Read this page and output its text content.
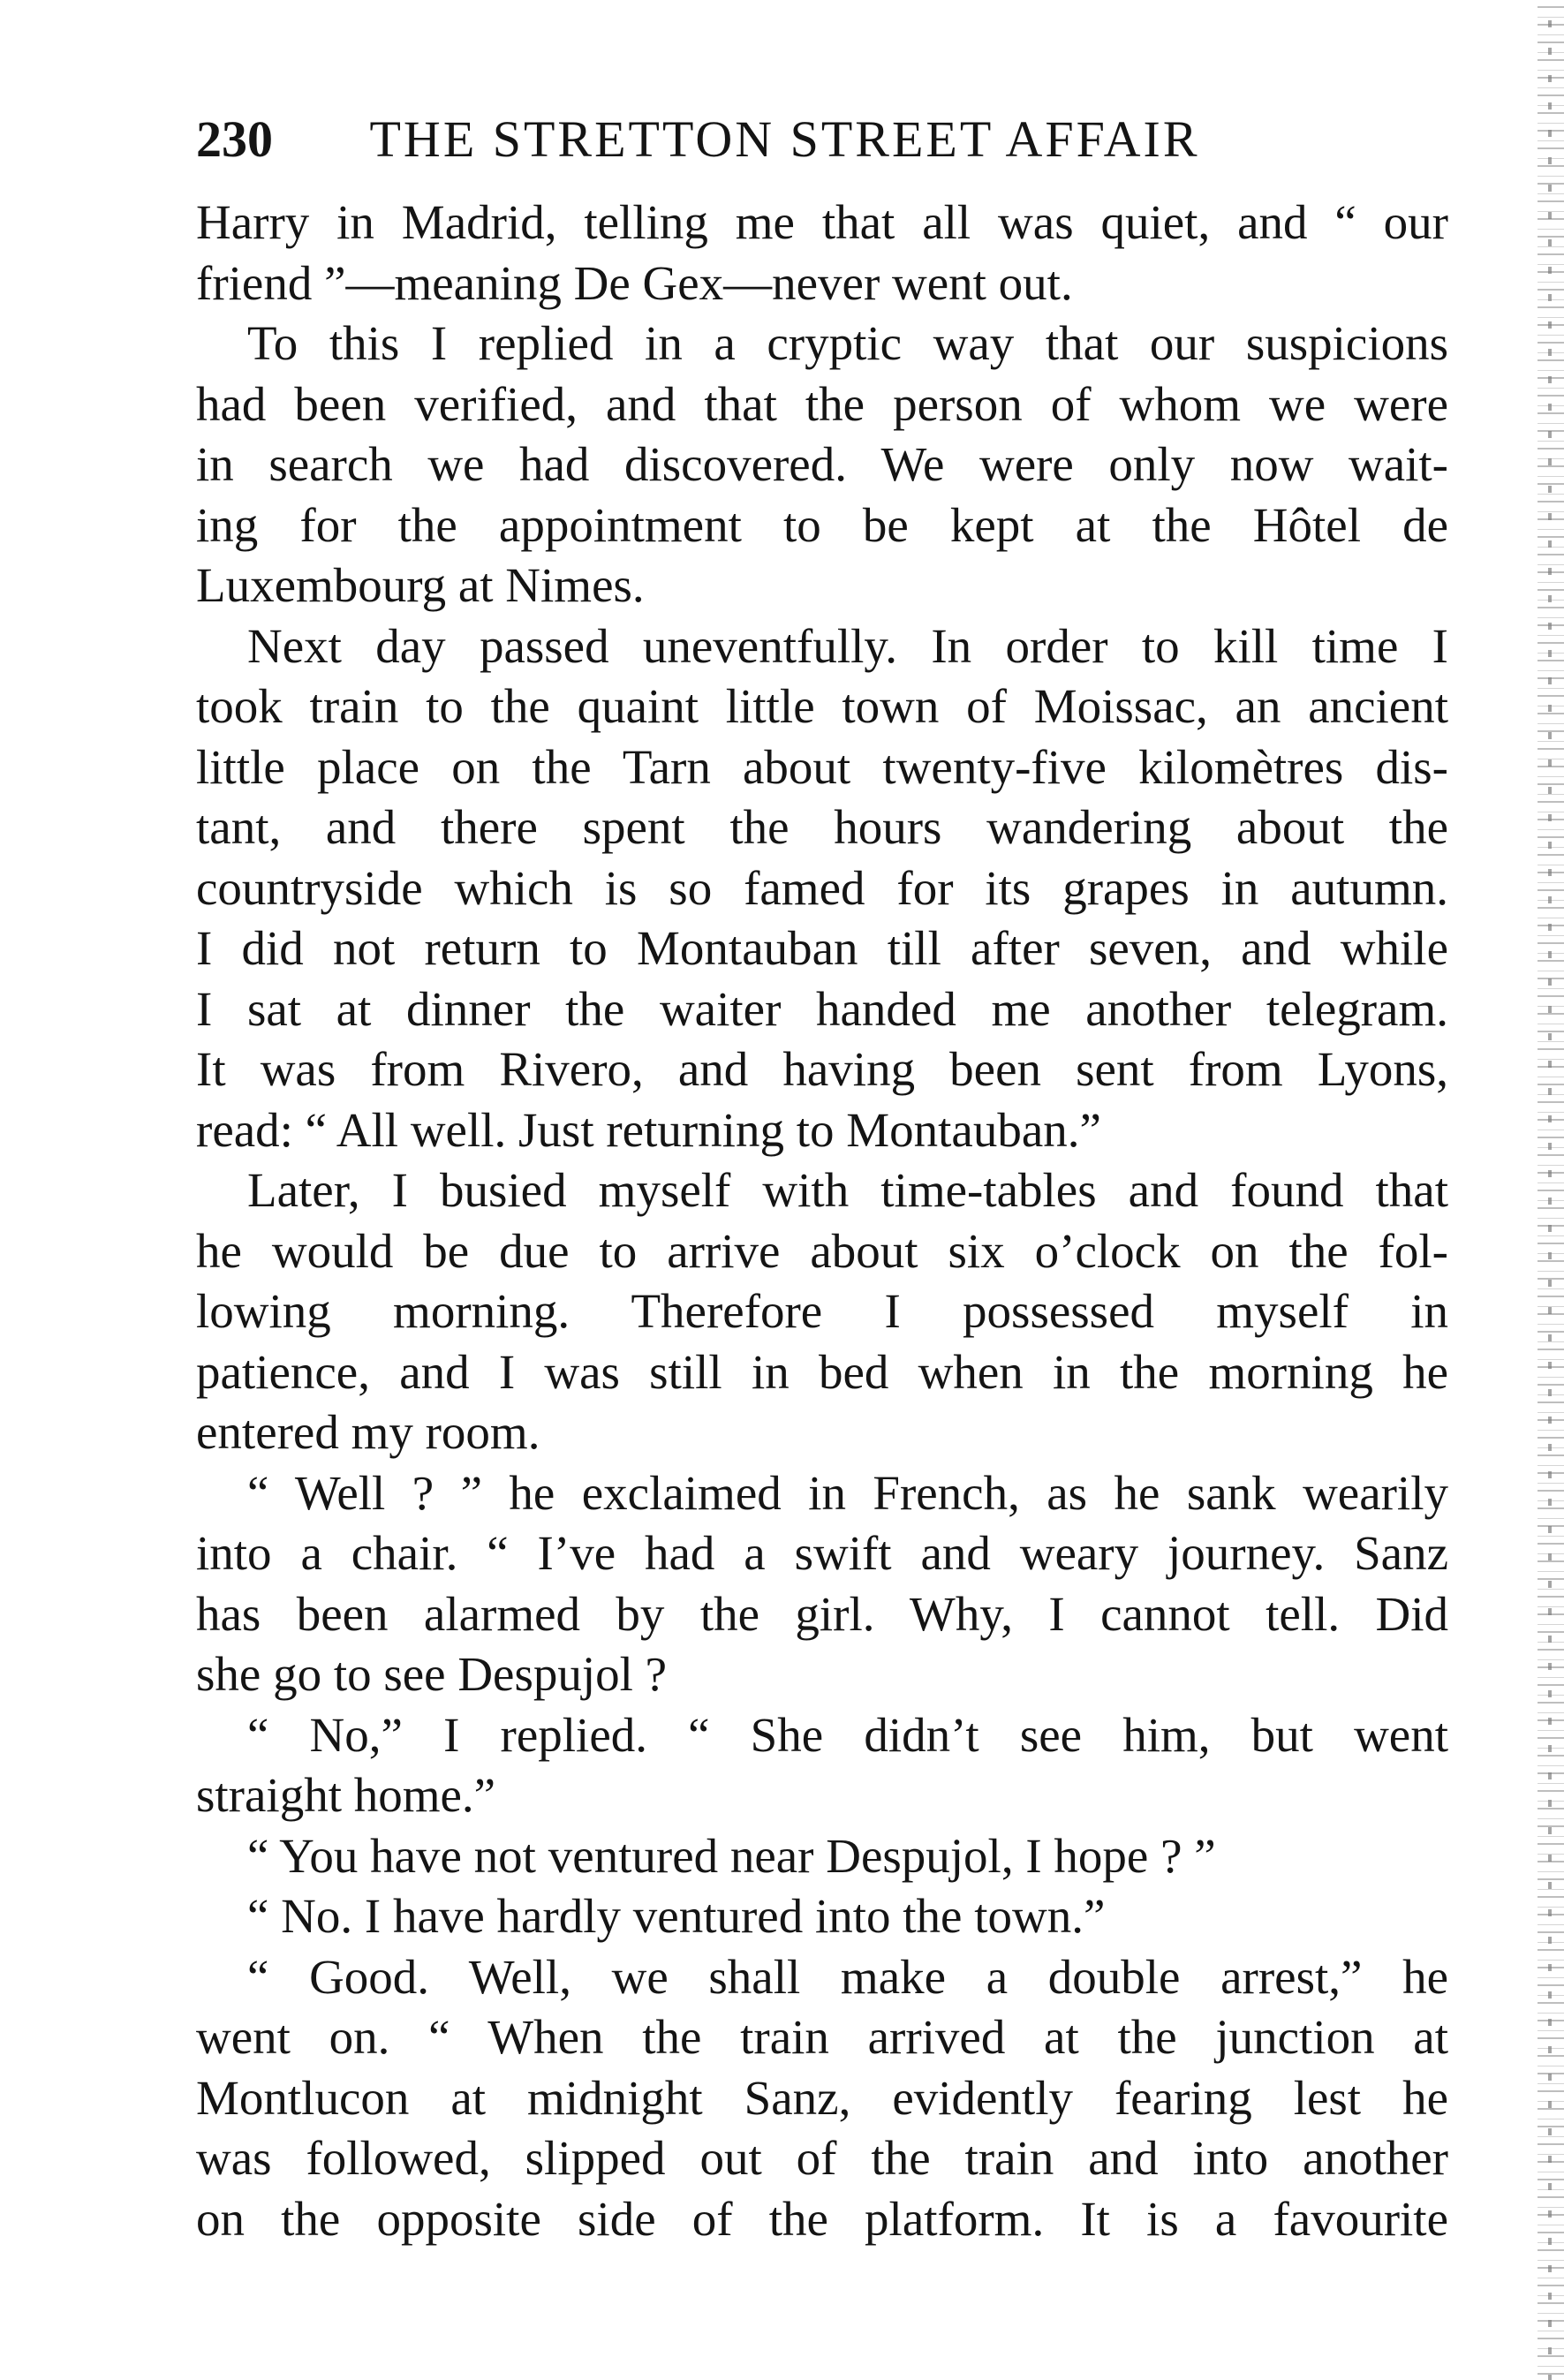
230 THE STRETTON STREET AFFAIR
Harry in Madrid, telling me that all was quiet, and “ our
friend ”—meaning De Gex—never went out.
To this I replied in a cryptic way that our suspicions
had been verified, and that the person of whom we were
in search we had discovered. We were only now wait-
ing for the appointment to be kept at the Hôtel de
Luxembourg at Nimes.
Next day passed uneventfully. In order to kill time I
took train to the quaint little town of Moissac, an ancient
little place on the Tarn about twenty-five kilomètres dis-
tant, and there spent the hours wandering about the
countryside which is so famed for its grapes in autumn.
I did not return to Montauban till after seven, and while
I sat at dinner the waiter handed me another telegram.
It was from Rivero, and having been sent from Lyons,
read: “ All well. Just returning to Montauban.”
Later, I busied myself with time-tables and found that
he would be due to arrive about six o’clock on the fol-
lowing morning. Therefore I possessed myself in
patience, and I was still in bed when in the morning he
entered my room.
“ Well ? ” he exclaimed in French, as he sank wearily
into a chair. “ I’ve had a swift and weary journey. Sanz
has been alarmed by the girl. Why, I cannot tell. Did
she go to see Despujol ?
“ No,” I replied. “ She didn’t see him, but went
straight home.”
“ You have not ventured near Despujol, I hope ? ”
“ No. I have hardly ventured into the town.”
“ Good. Well, we shall make a double arrest,” he
went on. “ When the train arrived at the junction at
Montlucon at midnight Sanz, evidently fearing lest he
was followed, slipped out of the train and into another
on the opposite side of the platform. It is a favourite
